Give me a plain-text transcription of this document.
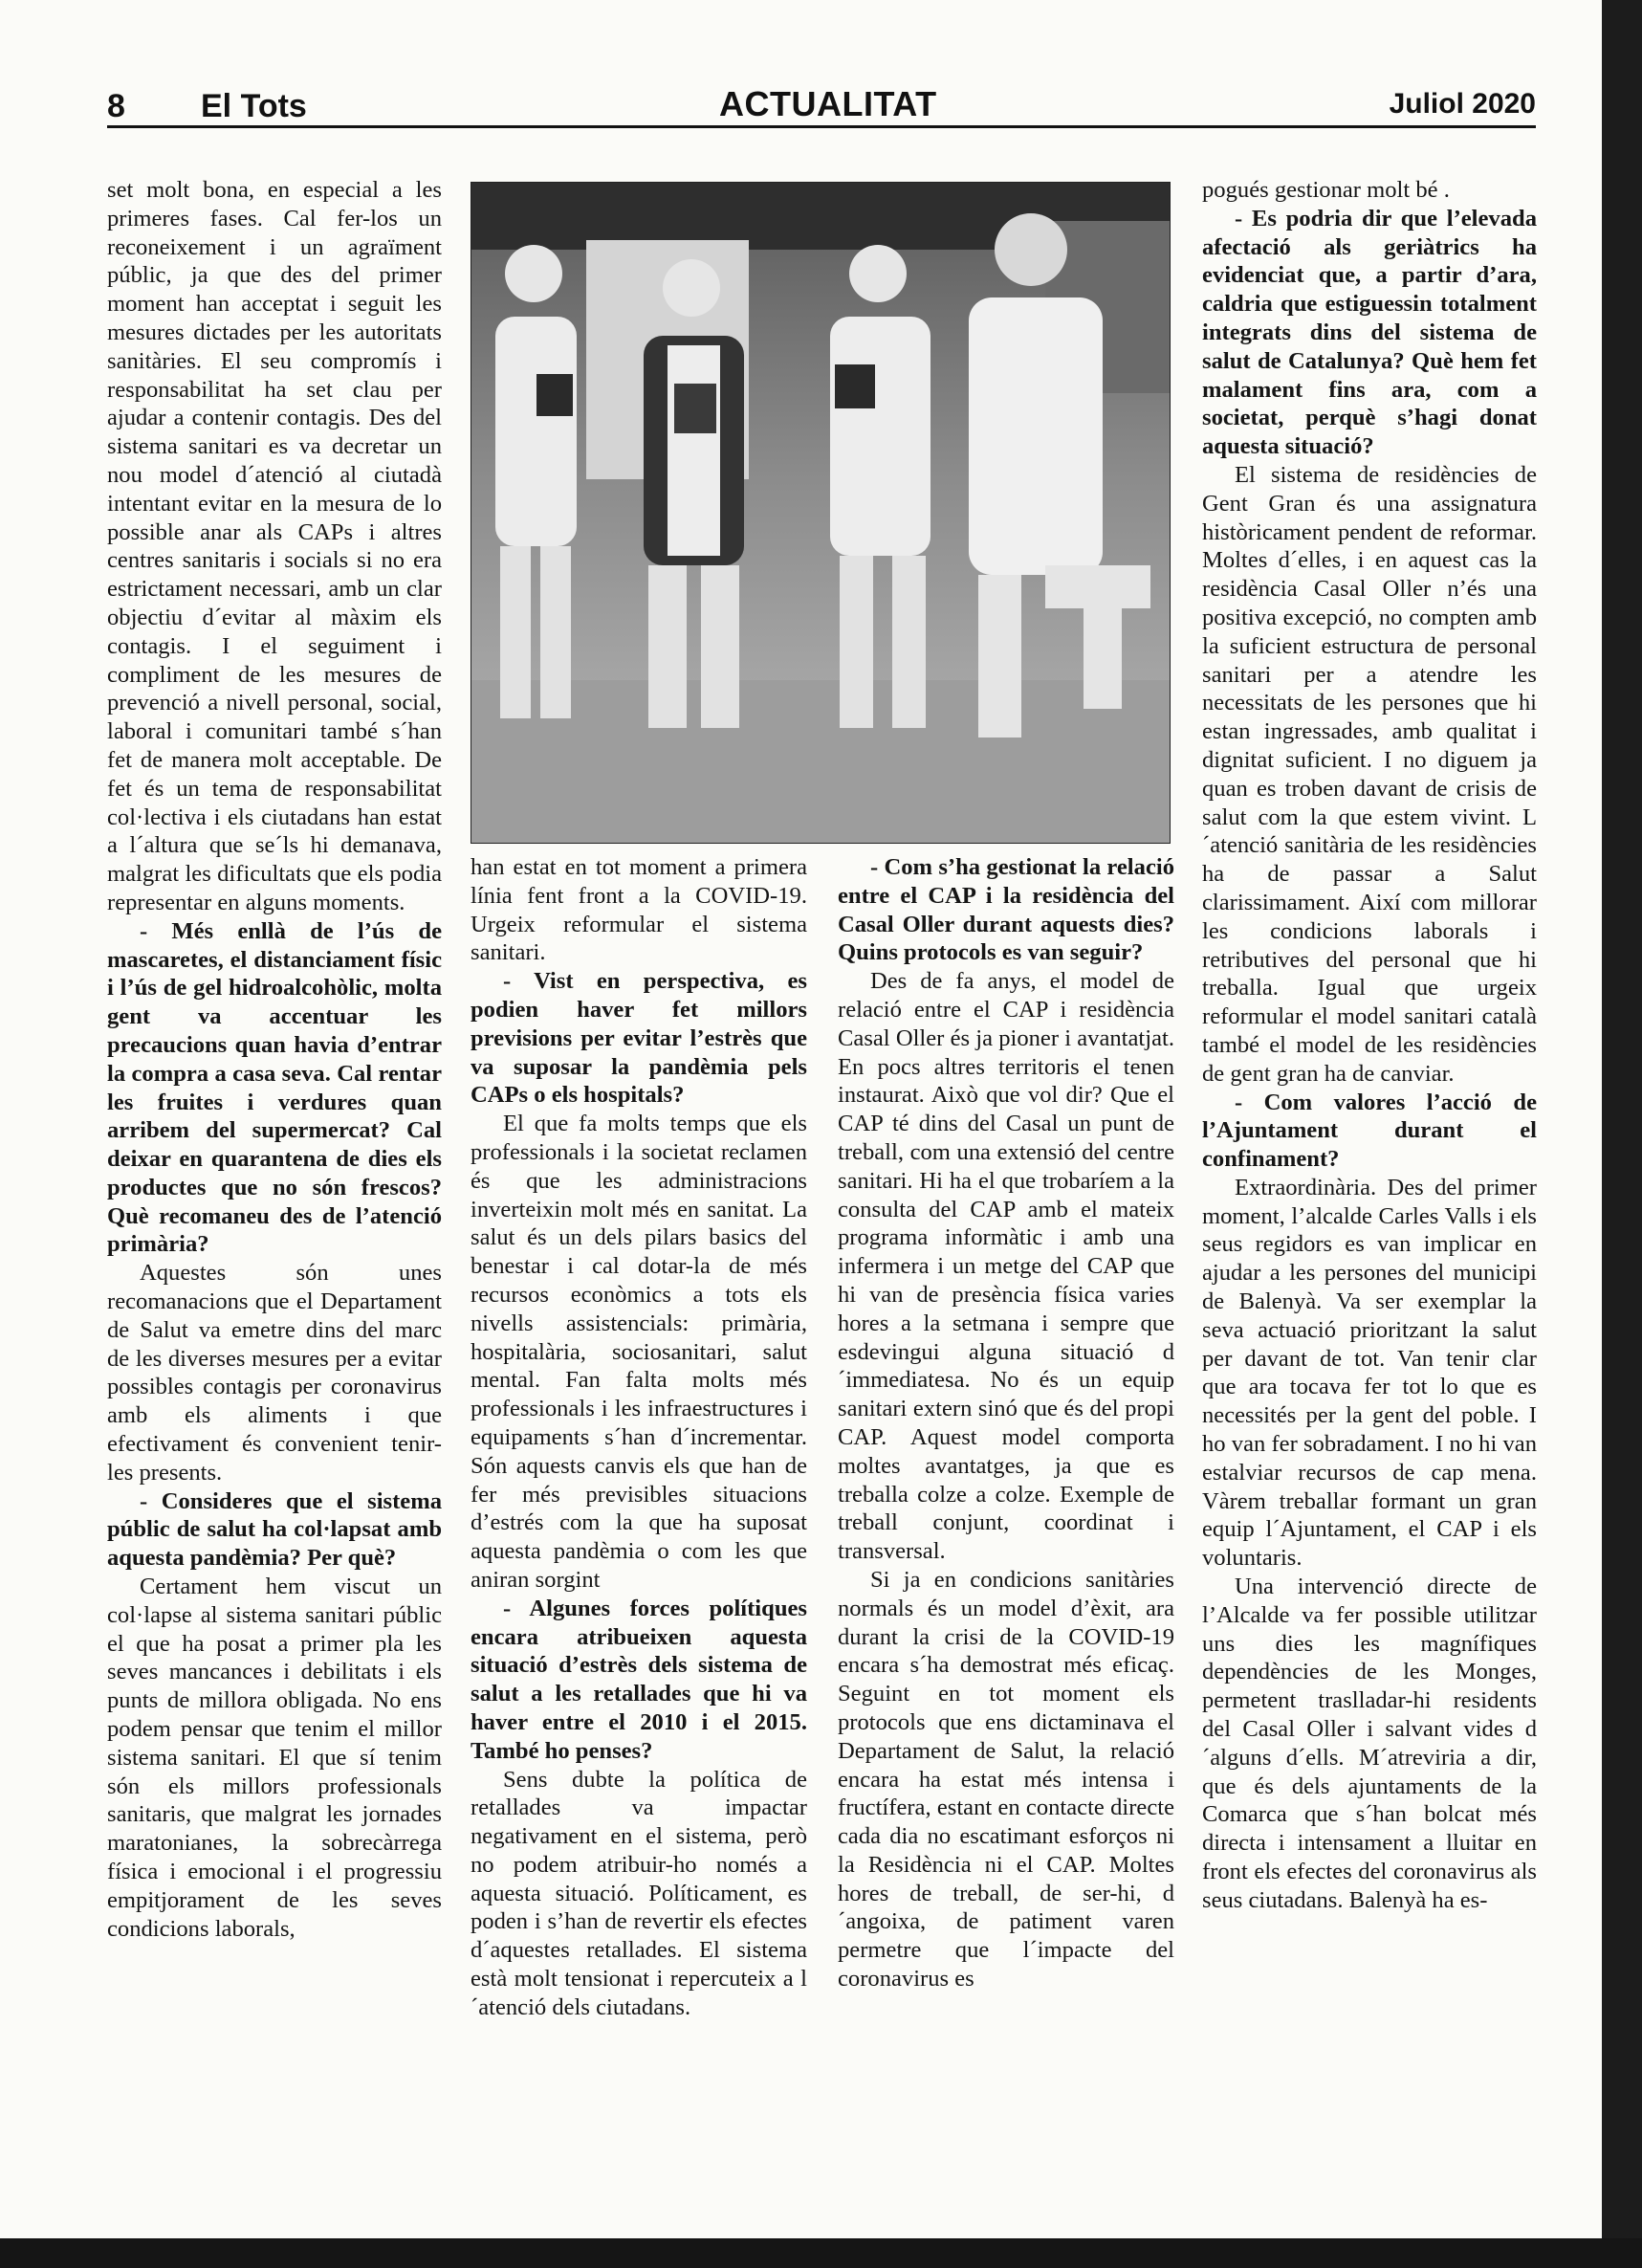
8 El Tots	ACTUALITAT	Juliol 2020

set molt bona, en especial a les primeres fases. Cal fer-los un reconeixement i un agraïment públic, ja que des del primer moment han acceptat i seguit les mesures dictades per les autoritats sanitàries. El seu compromís i responsabilitat ha set clau per ajudar a contenir contagis. Des del sistema sanitari es va decretar un nou model d´atenció al ciutadà intentant evitar en la mesura de lo possible anar als CAPs i altres centres sanitaris i socials si no era estrictament necessari, amb un clar objectiu d´evitar al màxim els contagis. I el seguiment i compliment de les mesures de prevenció a nivell personal, social, laboral i comunitari també s´han fet de manera molt acceptable. De fet és un tema de responsabilitat col·lectiva i els ciutadans han estat a l´altura que se´ls hi demanava, malgrat les dificultats que els podia representar en alguns moments.

- Més enllà de l’ús de mascaretes, el distanciament físic i l’ús de gel hidroalcohòlic, molta gent va accentuar les precaucions quan havia d’entrar la compra a casa seva. Cal rentar les fruites i verdures quan arribem del supermercat? Cal deixar en quarantena de dies els productes que no són frescos? Què recomaneu des de l’atenció primària?

Aquestes són unes recomanacions que el Departament de Salut va emetre dins del marc de les diverses mesures per a evitar possibles contagis per coronavirus amb els aliments i que efectivament és convenient tenir-les presents.

- Consideres que el sistema públic de salut ha col·lapsat amb aquesta pandèmia? Per què?

Certament hem viscut un col·lapse al sistema sanitari públic el que ha posat a primer pla les seves mancances i debilitats i els punts de millora obligada. No ens podem pensar que tenim el millor sistema sanitari. El que sí tenim són els millors professionals sanitaris, que malgrat les jornades maratonianes, la sobrecàrrega física i emocional i el progressiu empitjorament de les seves condicions laborals,

han estat en tot moment a primera línia fent front a la COVID-19. Urgeix reformular el sistema sanitari.

- Vist en perspectiva, es podien haver fet millors previsions per evitar l’estrès que va suposar la pandèmia pels CAPs o els hospitals?

El que fa molts temps que els professionals i la societat reclamen és que les administracions inverteixin molt més en sanitat. La salut és un dels pilars basics del benestar i cal dotar-la de més recursos econòmics a tots els nivells assistencials: primària, hospitalària, sociosanitari, salut mental. Fan falta molts més professionals i les infraestructures i equipaments s´han d´incrementar. Són aquests canvis els que han de fer més previsibles situacions d’estrés com la que ha suposat aquesta pandèmia o com les que aniran sorgint

- Algunes forces polítiques encara atribueixen aquesta situació d’estrès dels sistema de salut a les retallades que hi va haver entre el 2010 i el 2015. També ho penses?

Sens dubte la política de retallades va impactar negativament en el sistema, però no podem atribuir-ho només a aquesta situació. Políticament, es poden i s’han de revertir els efectes d´aquestes retallades. El sistema està molt tensionat i repercuteix a l´atenció dels ciutadans.

- Com s’ha gestionat la relació entre el CAP i la residència del Casal Oller durant aquests dies? Quins protocols es van seguir?

Des de fa anys, el model de relació entre el CAP i residència Casal Oller és ja pioner i avantatjat. En pocs altres territoris el tenen instaurat. Això que vol dir? Que el CAP té dins del Casal un punt de treball, com una extensió del centre sanitari. Hi ha el que trobaríem a la consulta del CAP amb el mateix programa informàtic i amb una infermera i un metge del CAP que hi van de presència física varies hores a la setmana i sempre que esdevingui alguna situació d´immediatesa. No és un equip sanitari extern sinó que és del propi CAP. Aquest model comporta moltes avantatges, ja que es treballa colze a colze. Exemple de treball conjunt, coordinat i transversal.

Si ja en condicions sanitàries normals és un model d’èxit, ara durant la crisi de la COVID-19 encara s´ha demostrat més eficaç. Seguint en tot moment els protocols que ens dictaminava el Departament de Salut, la relació encara ha estat més intensa i fructífera, estant en contacte directe cada dia no escatimant esforços ni la Residència ni el CAP. Moltes hores de treball, de ser-hi, d´angoixa, de patiment varen permetre que l´impacte del coronavirus es

pogués gestionar molt bé .

- Es podria dir que l’elevada afectació als geriàtrics ha evidenciat que, a partir d’ara, caldria que estiguessin totalment integrats dins del sistema de salut de Catalunya? Què hem fet malament fins ara, com a societat, perquè s’hagi donat aquesta situació?

El sistema de residències de Gent Gran és una assignatura històricament pendent de reformar. Moltes d´elles, i en aquest cas la residència Casal Oller n’és una positiva excepció, no compten amb la suficient estructura de personal sanitari per a atendre les necessitats de les persones que hi estan ingressades, amb qualitat i dignitat suficient. I no diguem ja quan es troben davant de crisis de salut com la que estem vivint. L´atenció sanitària de les residències ha de passar a Salut clarissimament. Així com millorar les condicions laborals i retributives del personal que hi treballa. Igual que urgeix reformular el model sanitari català també el model de les residències de gent gran ha de canviar.

- Com valores l’acció de l’Ajuntament durant el confinament?

Extraordinària. Des del primer moment, l’alcalde Carles Valls i els seus regidors es van implicar en ajudar a les persones del municipi de Balenyà. Va ser exemplar la seva actuació prioritzant la salut per davant de tot. Van tenir clar que ara tocava fer tot lo que es necessités per la gent del poble. I ho van fer sobradament. I no hi van estalviar recursos de cap mena. Vàrem treballar formant un gran equip l´Ajuntament, el CAP i els voluntaris.

Una intervenció directe de l’Alcalde va fer possible utilitzar uns dies les magnífiques dependències de les Monges, permetent traslladar-hi residents del Casal Oller i salvant vides d´alguns d´ells. M´atreviria a dir, que és dels ajuntaments de la Comarca que s´han bolcat més directa i intensament a lluitar en front els efectes del coronavirus als seus ciutadans. Balenyà ha es-
